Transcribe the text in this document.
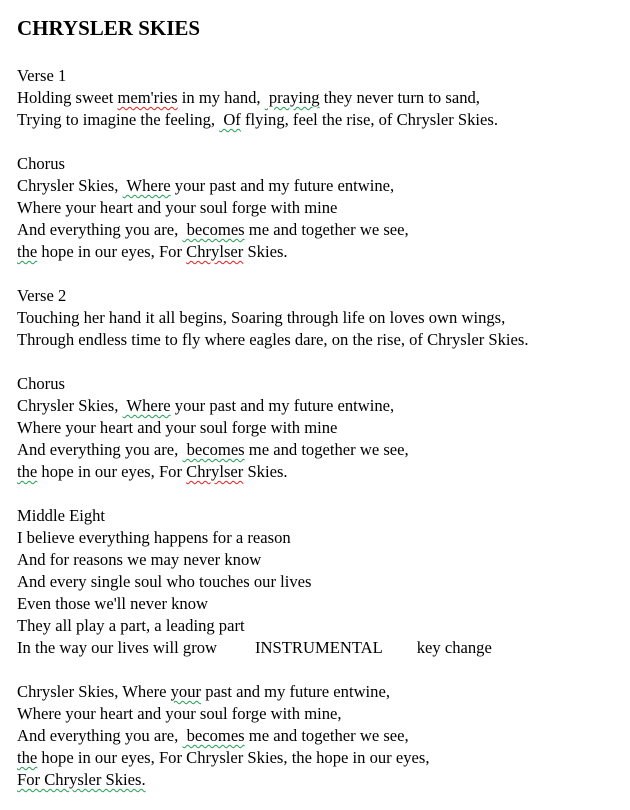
CHRYSLER SKIES
Verse 1
Holding sweet mem'ries in my hand,  praying they never turn to sand,
Trying to imagine the feeling,  Of flying, feel the rise, of Chrysler Skies.
Chorus
Chrysler Skies,  Where your past and my future entwine,
Where your heart and your soul forge with mine
And everything you are,  becomes me and together we see,
the hope in our eyes, For Chrylser Skies.
Verse 2
Touching her hand it all begins, Soaring through life on loves own wings,
Through endless time to fly where eagles dare, on the rise, of Chrysler Skies.
Chorus
Chrysler Skies,  Where your past and my future entwine,
Where your heart and your soul forge with mine
And everything you are,  becomes me and together we see,
the hope in our eyes, For Chrylser Skies.
Middle Eight
I believe everything happens for a reason
And for reasons we may never know
And every single soul who touches our lives
Even those we'll never know
They all play a part, a leading part
In the way our lives will grow INSTRUMENTAL key change
Chrysler Skies, Where your past and my future entwine,
Where your heart and your soul forge with mine,
And everything you are,  becomes me and together we see,
the hope in our eyes, For Chrysler Skies, the hope in our eyes,
For Chrysler Skies.
